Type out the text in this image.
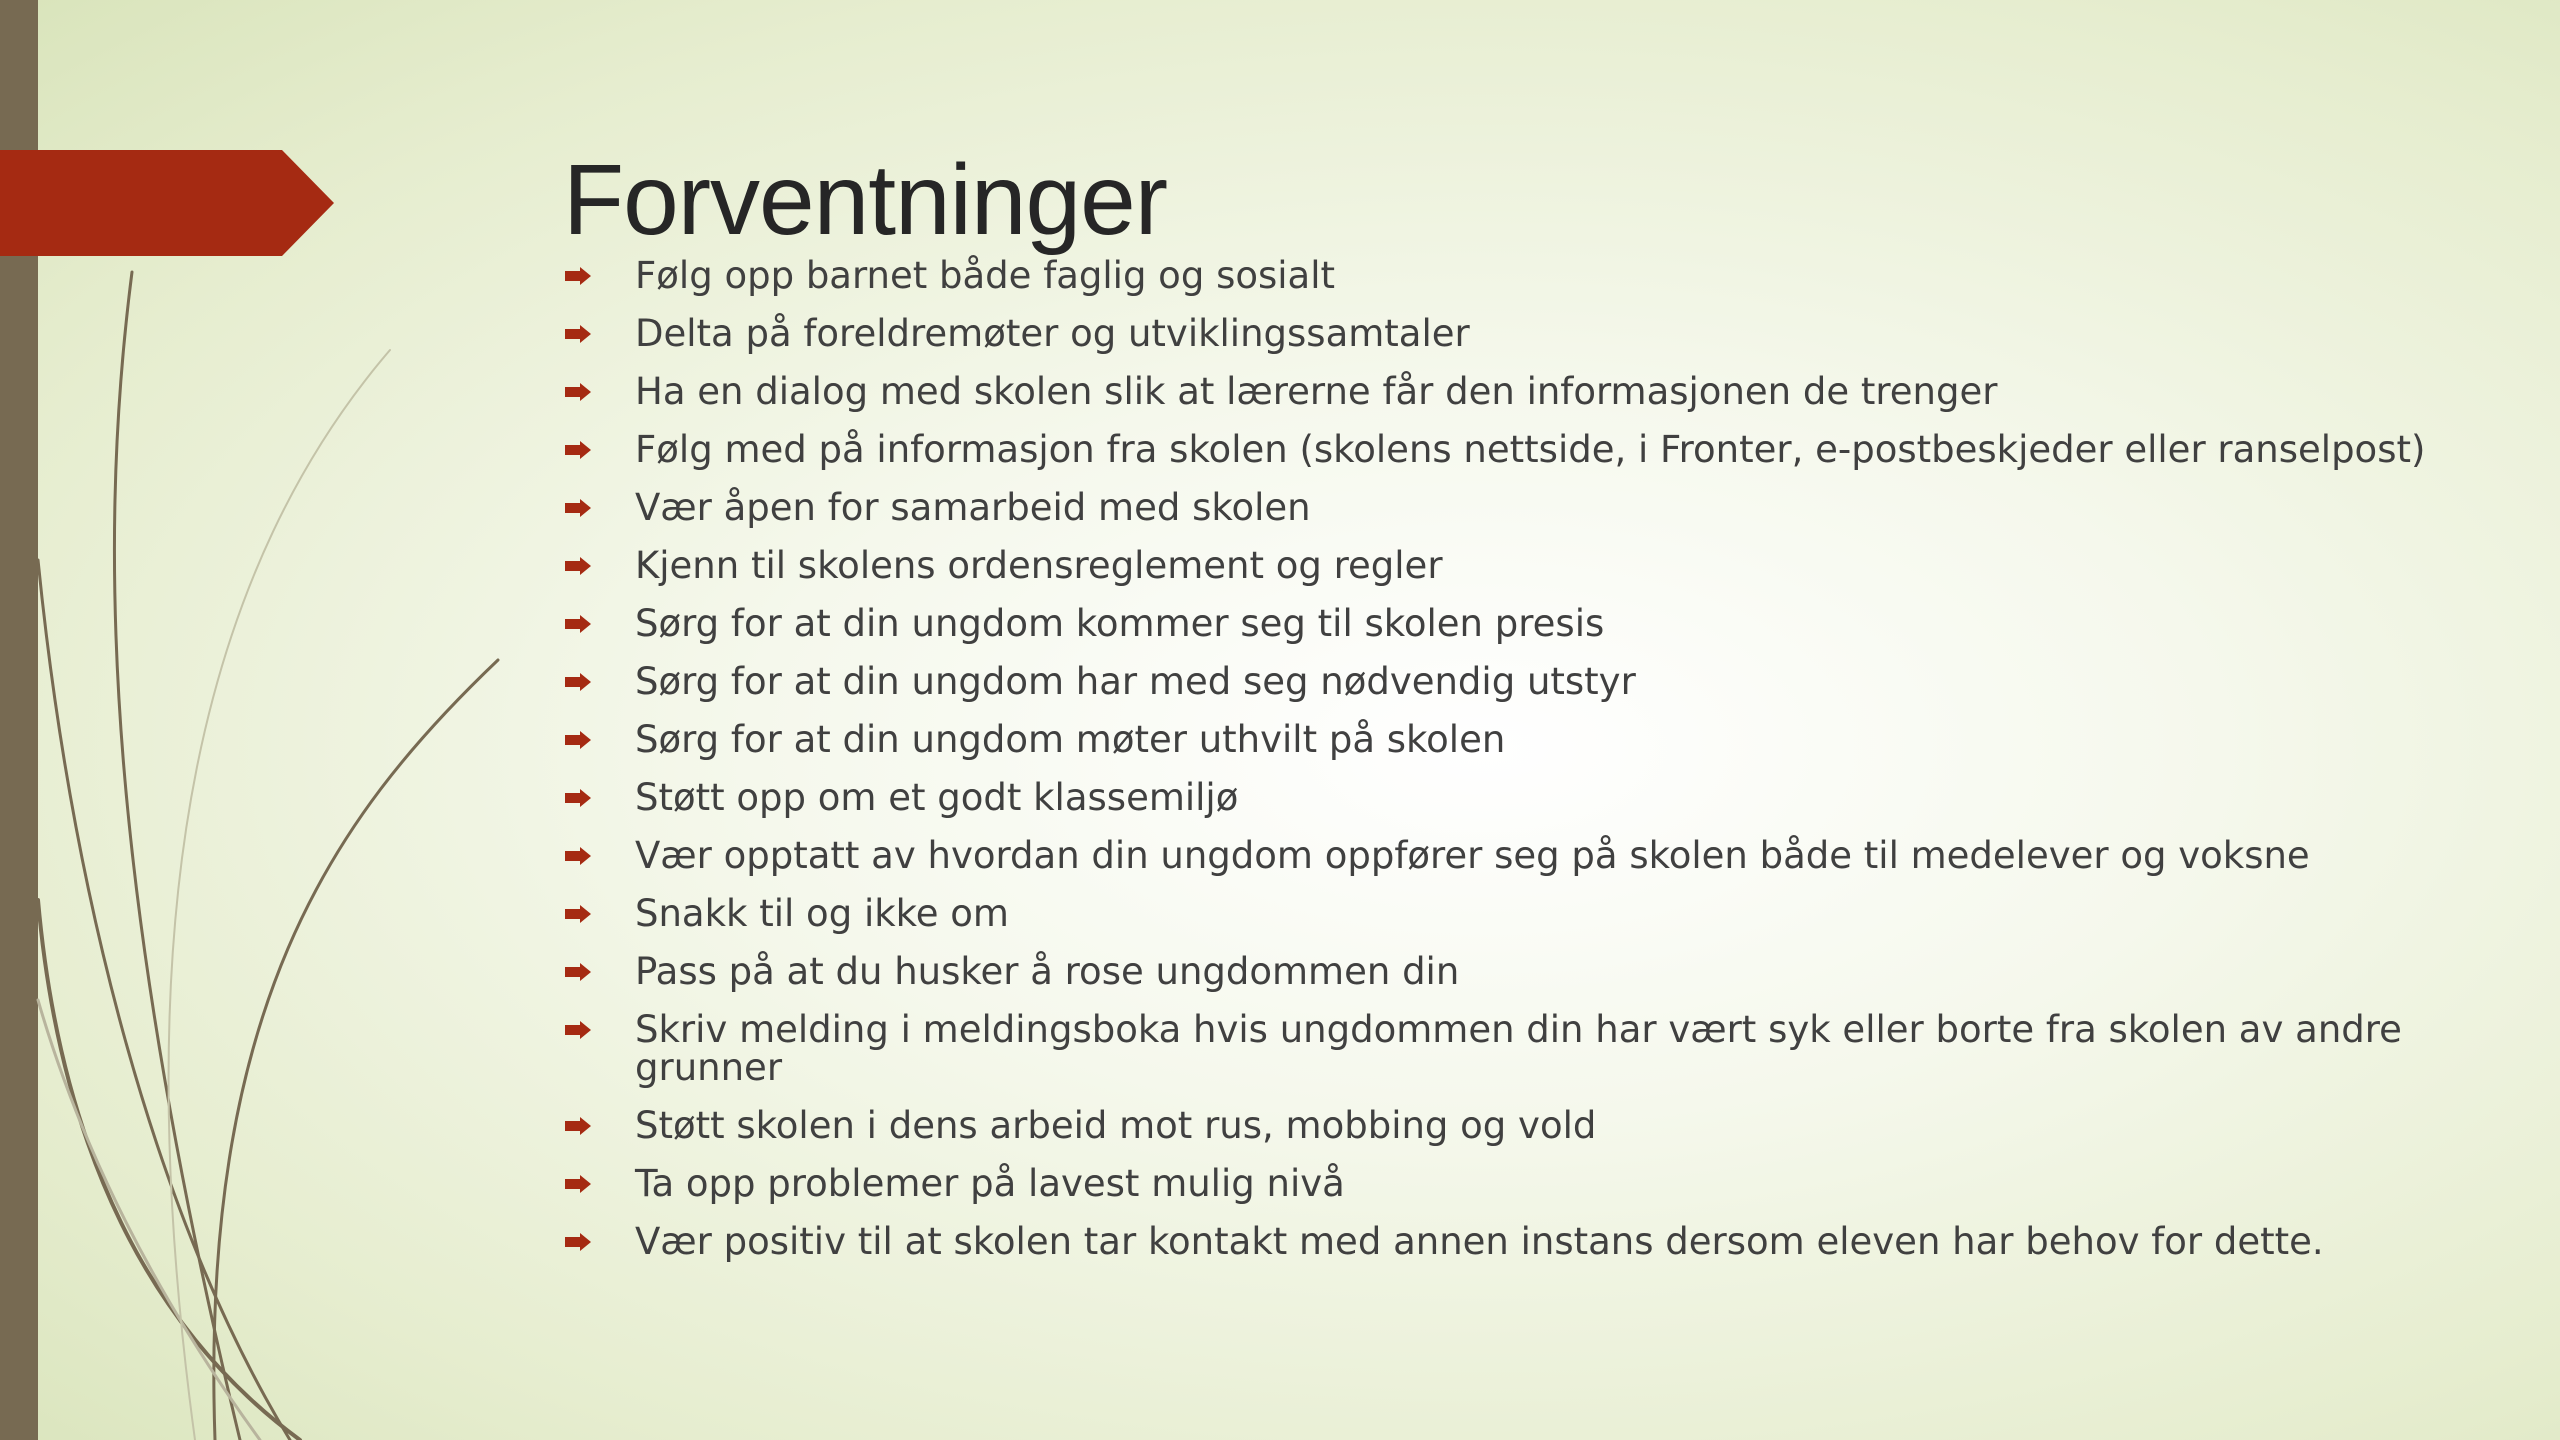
Forventninger
Følg opp barnet både faglig og sosialt
Delta på foreldremøter og utviklingssamtaler
Ha en dialog med skolen slik at lærerne får den informasjonen de trenger
Følg med på informasjon fra skolen (skolens nettside, i Fronter, e-postbeskjeder eller ranselpost)
Vær åpen for samarbeid med skolen
Kjenn til skolens ordensreglement og regler
Sørg for at din ungdom kommer seg til skolen presis
Sørg for at din ungdom har med seg nødvendig utstyr
Sørg for at din ungdom møter uthvilt på skolen
Støtt opp om et godt klassemiljø
Vær opptatt av hvordan din ungdom oppfører seg på skolen både til medelever og voksne
Snakk til og ikke om
Pass på at du husker å rose ungdommen din
Skriv melding i meldingsboka hvis ungdommen din har vært syk eller borte fra skolen av andre grunner
Støtt skolen i dens arbeid mot rus, mobbing og vold
Ta opp problemer på lavest mulig nivå
Vær positiv til at skolen tar kontakt med annen instans dersom eleven har behov for dette.
